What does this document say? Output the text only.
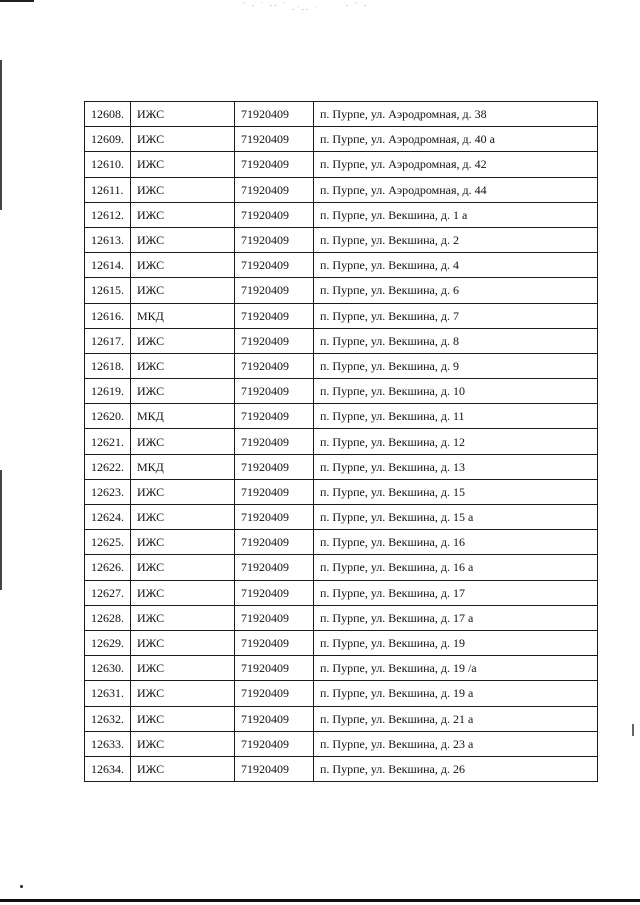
˙ · ˙ ·· ˙ ·˙·· ˙	· ˙ ·
12608.	ИЖС	71920409	п. Пурпе, ул. Аэродромная, д. 38
12609.	ИЖС	71920409	п. Пурпе, ул. Аэродромная, д. 40 а
12610.	ИЖС	71920409	п. Пурпе, ул. Аэродромная, д. 42
12611.	ИЖС	71920409	п. Пурпе, ул. Аэродромная, д. 44
12612.	ИЖС	71920409	п. Пурпе, ул. Векшина, д. 1 а
12613.	ИЖС	71920409	п. Пурпе, ул. Векшина, д. 2
12614.	ИЖС	71920409	п. Пурпе, ул. Векшина, д. 4
12615.	ИЖС	71920409	п. Пурпе, ул. Векшина, д. 6
12616.	МКД	71920409	п. Пурпе, ул. Векшина, д. 7
12617.	ИЖС	71920409	п. Пурпе, ул. Векшина, д. 8
12618.	ИЖС	71920409	п. Пурпе, ул. Векшина, д. 9
12619.	ИЖС	71920409	п. Пурпе, ул. Векшина, д. 10
12620.	МКД	71920409	п. Пурпе, ул. Векшина, д. 11
12621.	ИЖС	71920409	п. Пурпе, ул. Векшина, д. 12
12622.	МКД	71920409	п. Пурпе, ул. Векшина, д. 13
12623.	ИЖС	71920409	п. Пурпе, ул. Векшина, д. 15
12624.	ИЖС	71920409	п. Пурпе, ул. Векшина, д. 15 а
12625.	ИЖС	71920409	п. Пурпе, ул. Векшина, д. 16
12626.	ИЖС	71920409	п. Пурпе, ул. Векшина, д. 16 а
12627.	ИЖС	71920409	п. Пурпе, ул. Векшина, д. 17
12628.	ИЖС	71920409	п. Пурпе, ул. Векшина, д. 17 а
12629.	ИЖС	71920409	п. Пурпе, ул. Векшина, д. 19
12630.	ИЖС	71920409	п. Пурпе, ул. Векшина, д. 19 /а
12631.	ИЖС	71920409	п. Пурпе, ул. Векшина, д. 19 а
12632.	ИЖС	71920409	п. Пурпе, ул. Векшина, д. 21 а
12633.	ИЖС	71920409	п. Пурпе, ул. Векшина, д. 23 а
12634.	ИЖС	71920409	п. Пурпе, ул. Векшина, д. 26
